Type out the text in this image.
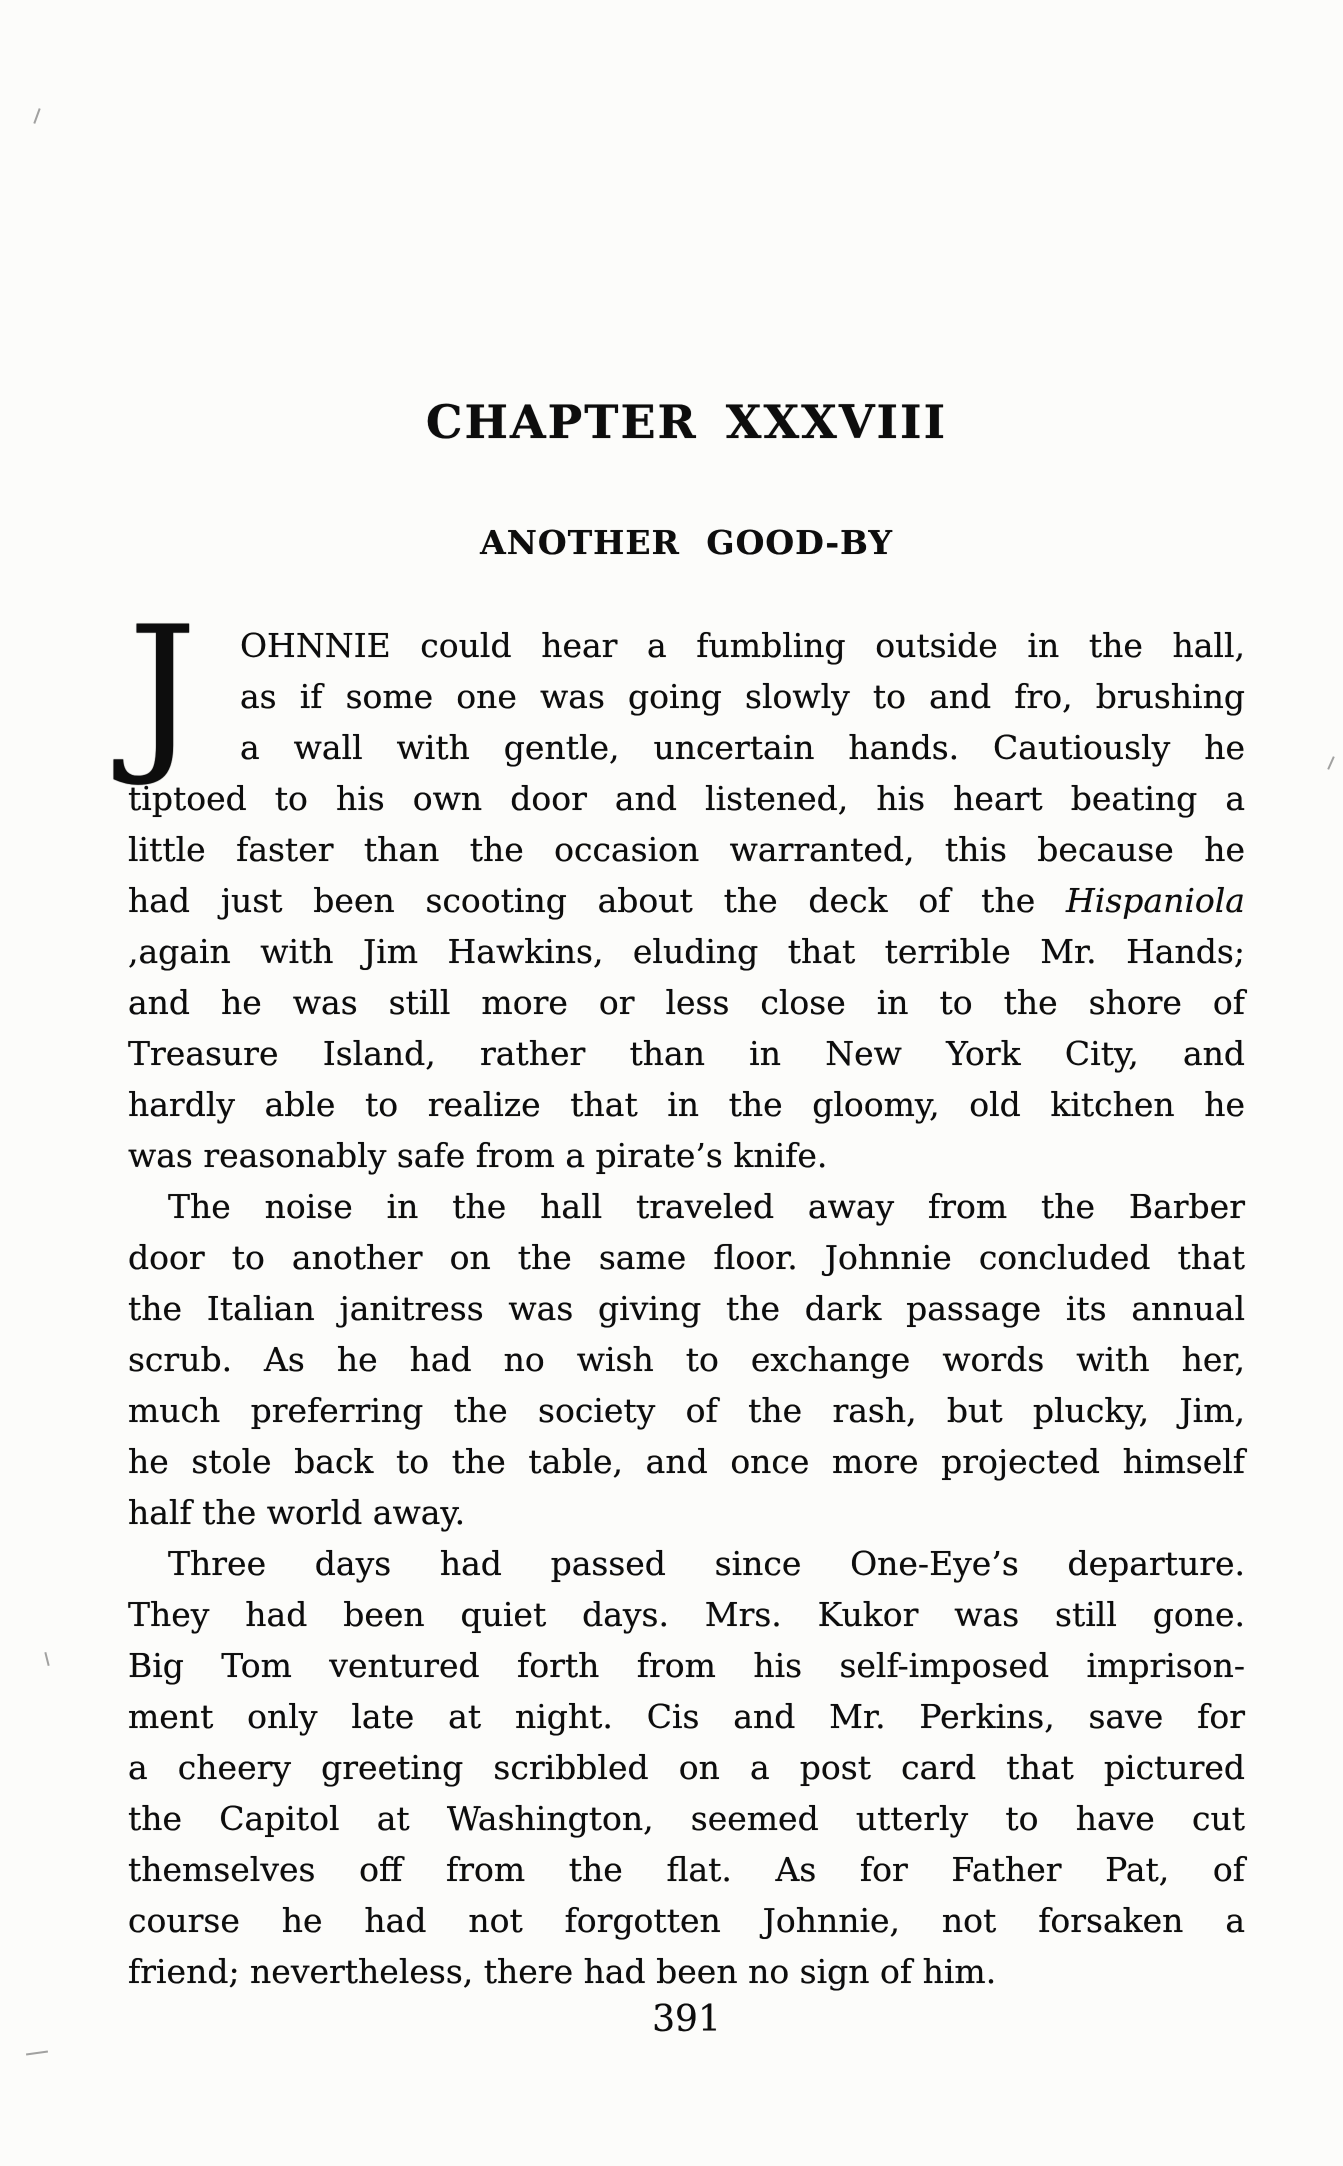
CHAPTER XXXVIII
ANOTHER GOOD-BY
J	OHNNIE could hear a fumbling outside in the hall,
as if some one was going slowly to and fro, brushing
a wall with gentle, uncertain hands. Cautiously he
tiptoed to his own door and listened, his heart beating a
little faster than the occasion warranted, this because he
had just been scooting about the deck of the Hispaniola
,again with Jim Hawkins, eluding that terrible Mr. Hands;
and he was still more or less close in to the shore of
Treasure Island, rather than in New York City, and
hardly able to realize that in the gloomy, old kitchen he
was reasonably safe from a pirate’s knife.
The noise in the hall traveled away from the Barber
door to another on the same floor. Johnnie concluded that
the Italian janitress was giving the dark passage its annual
scrub. As he had no wish to exchange words with her,
much preferring the society of the rash, but plucky, Jim,
he stole back to the table, and once more projected himself
half the world away.
Three days had passed since One-Eye’s departure.
They had been quiet days. Mrs. Kukor was still gone.
Big Tom ventured forth from his self-imposed imprison-
ment only late at night. Cis and Mr. Perkins, save for
a cheery greeting scribbled on a post card that pictured
the Capitol at Washington, seemed utterly to have cut
themselves off from the flat. As for Father Pat, of
course he had not forgotten Johnnie, not forsaken a
friend; nevertheless, there had been no sign of him.
391
